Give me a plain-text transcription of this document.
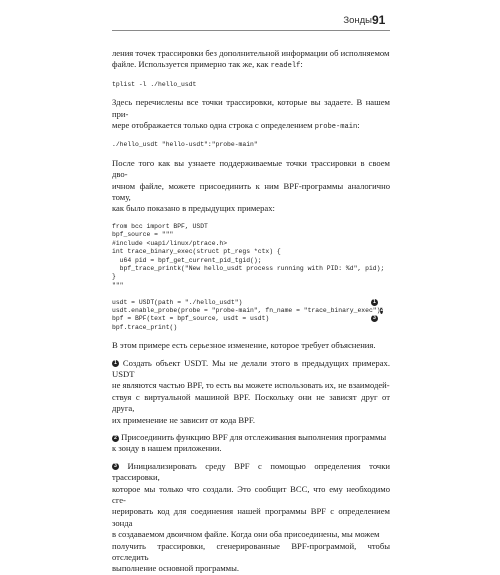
Зонды 91

ления точек трассировки без дополнительной информации об исполняемом
файле. Используется примерно так же, как readelf:

tplist -l ./hello_usdt

Здесь перечислены все точки трассировки, которые вы задаете. В нашем при-
мере отображается только одна строка с определением probe-main:

./hello_usdt "hello-usdt":"probe-main"

После того как вы узнаете поддерживаемые точки трассировки в своем дво-
ичном файле, можете присоединить к ним BPF-программы аналогично тому,
как было показано в предыдущих примерах:

from bcc import BPF, USDT
bpf_source = """
#include <uapi/linux/ptrace.h>
int trace_binary_exec(struct pt_regs *ctx) {
u64 pid = bpf_get_current_pid_tgid();
bpf_trace_printk("New hello_usdt process running with PID: %d", pid);
}
"""

usdt = USDT(path = "./hello_usdt")	1
usdt.enable_probe(probe = "probe-main", fn_name = "trace_binary_exec") 2
bpf = BPF(text = bpf_source, usdt = usdt)	3
bpf.trace_print()

В этом примере есть серьезное изменение, которое требует объяснения.

1 Создать объект USDT. Мы не делали этого в предыдущих примерах. USDT
не являются частью BPF, то есть вы можете использовать их, не взаимодей-
ствуя с виртуальной машиной BPF. Поскольку они не зависят друг от друга,
их применение не зависит от кода BPF.

2 Присоединить функцию BPF для отслеживания выполнения программы
к зонду в нашем приложении.

3 Инициализировать среду BPF с помощью определения точки трассировки,
которое мы только что создали. Это сообщит BCC, что ему необходимо сге-
нерировать код для соединения нашей программы BPF с определением зонда
в создаваемом двоичном файле. Когда они оба присоединены, мы можем
получить трассировки, сгенерированные BPF-программой, чтобы отследить
выполнение основной программы.
